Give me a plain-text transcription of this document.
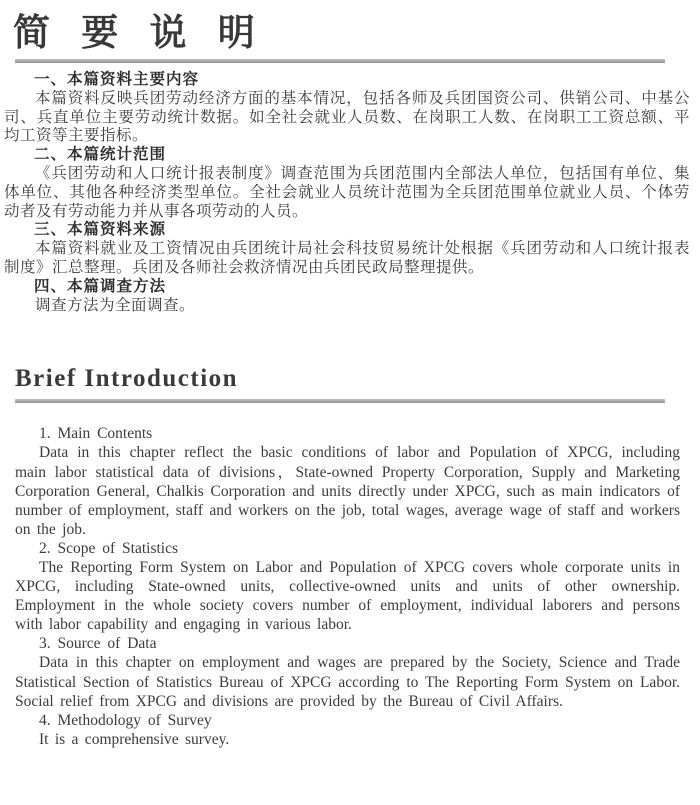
简 要 说 明
一、本篇资料主要内容

本篇资料反映兵团劳动经济方面的基本情况，包括各师及兵团国资公司、供销公司、中基公司、兵直单位主要劳动统计数据。如全社会就业人员数、在岗职工人数、在岗职工工资总额、平均工资等主要指标。

二、本篇统计范围

《兵团劳动和人口统计报表制度》调查范围为兵团范围内全部法人单位，包括国有单位、集体单位、其他各种经济类型单位。全社会就业人员统计范围为全兵团范围单位就业人员、个体劳动者及有劳动能力并从事各项劳动的人员。

三、本篇资料来源

本篇资料就业及工资情况由兵团统计局社会科技贸易统计处根据《兵团劳动和人口统计报表制度》汇总整理。兵团及各师社会救济情况由兵团民政局整理提供。

四、本篇调查方法

调查方法为全面调查。

Brief Introduction

1. Main Contents

Data in this chapter reflect the basic conditions of labor and Population of XPCG, including main labor statistical data of divisions，State-owned Property Corporation, Supply and Marketing Corporation General, Chalkis Corporation and units directly under XPCG, such as main indicators of number of employment, staff and workers on the job, total wages, average wage of staff and workers on the job.

2. Scope of Statistics

The Reporting Form System on Labor and Population of XPCG covers whole corporate units in XPCG, including State-owned units, collective-owned units and units of other ownership. Employment in the whole society covers number of employment, individual laborers and persons with labor capability and engaging in various labor.

3. Source of Data

Data in this chapter on employment and wages are prepared by the Society, Science and Trade Statistical Section of Statistics Bureau of XPCG according to The Reporting Form System on Labor. Social relief from XPCG and divisions are provided by the Bureau of Civil Affairs.

4. Methodology of Survey

It is a comprehensive survey.
